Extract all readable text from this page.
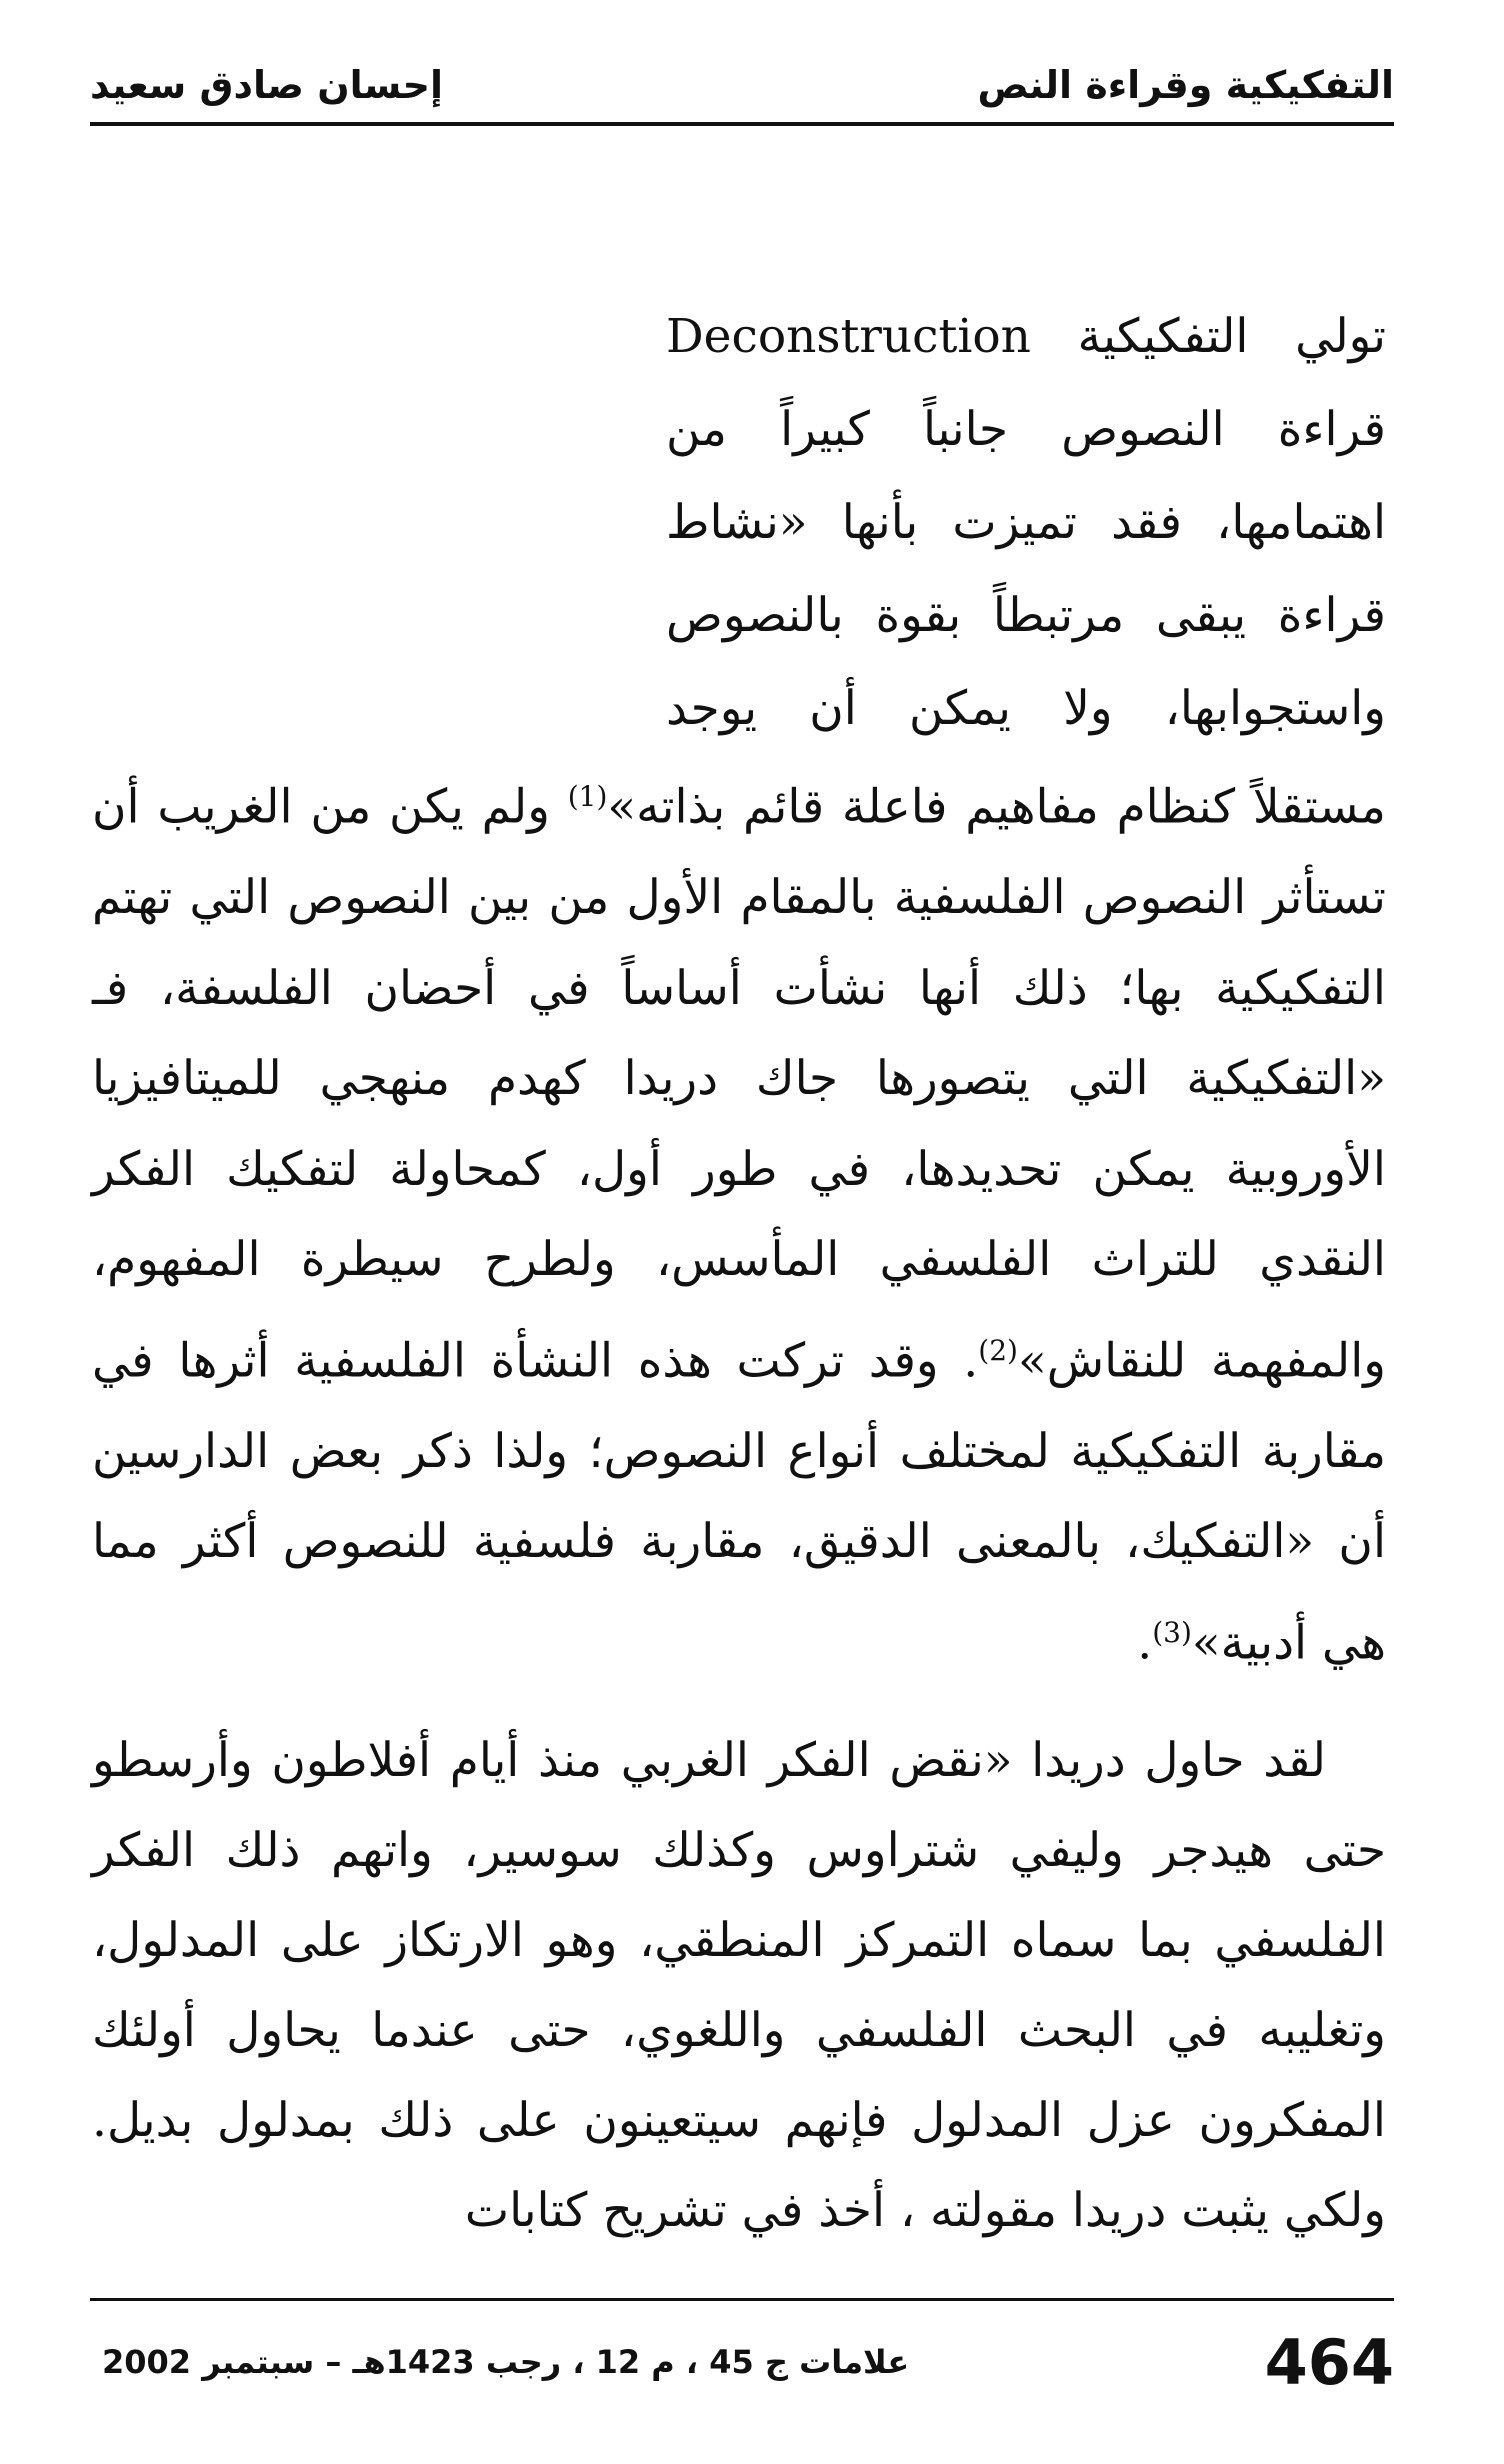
إحسان صادق سعيد	التفكيكية وقراءة النص

تولي التفكيكية Deconstruction
قراءة النصوص جانباً كبيراً من
اهتمامها، فقد تميزت بأنها «نشاط
قراءة يبقى مرتبطاً بقوة بالنصوص
واستجوابها، ولا يمكن أن يوجد

مستقلاً كنظام مفاهيم فاعلة قائم بذاته»$^{(1)}$ ولم يكن من الغريب أن تستأثر النصوص الفلسفية بالمقام الأول من بين النصوص التي تهتم التفكيكية بها؛ ذلك أنها نشأت أساساً في أحضان الفلسفة، فـ «التفكيكية التي يتصورها جاك دريدا كهدم منهجي للميتافيزيا الأوروبية يمكن تحديدها، في طور أول، كمحاولة لتفكيك الفكر النقدي للتراث الفلسفي المأسس، ولطرح سيطرة المفهوم، والمفهمة للنقاش»$^{(2)}$. وقد تركت هذه النشأة الفلسفية أثرها في مقاربة التفكيكية لمختلف أنواع النصوص؛ ولذا ذكر بعض الدارسين أن «التفكيك، بالمعنى الدقيق، مقاربة فلسفية للنصوص أكثر مما هي أدبية»$^{(3)}$.

لقد حاول دريدا «نقض الفكر الغربي منذ أيام أفلاطون وأرسطو حتى هيدجر وليفي شتراوس وكذلك سوسير، واتهم ذلك الفكر الفلسفي بما سماه التمركز المنطقي، وهو الارتكاز على المدلول، وتغليبه في البحث الفلسفي واللغوي، حتى عندما يحاول أولئك المفكرون عزل المدلول فإنهم سيتعينون على ذلك بمدلول بديل. ولكي يثبت دريدا مقولته ، أخذ في تشريح كتابات

علامات ج 45 ، م 12 ، رجب 1423هـ – سبتمبر 2002	464
